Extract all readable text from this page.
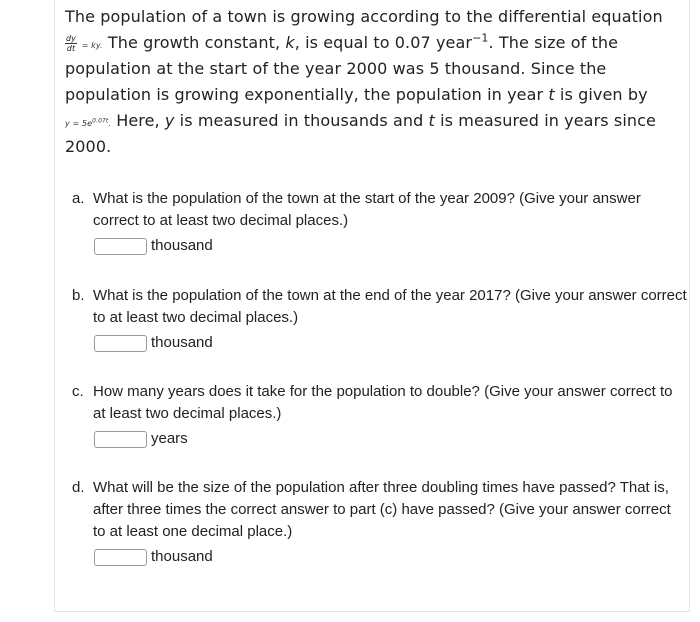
The population of a town is growing according to the differential equation
$\frac{dy}{dt}$ = ky. The growth constant, k, is equal to 0.07 year$^{-1}$. The size of the
population at the start of the year 2000 was 5 thousand. Since the
population is growing exponentially, the population in year t is given by
$y = 5e^{0.07t}$. Here, y is measured in thousands and t is measured in years since
2000.
a. What is the population of the town at the start of the year 2009? (Give your answer correct to at least two decimal places.)
thousand
b. What is the population of the town at the end of the year 2017? (Give your answer correct to at least two decimal places.)
thousand
c. How many years does it take for the population to double? (Give your answer correct to at least two decimal places.)
years
d. What will be the size of the population after three doubling times have passed? That is, after three times the correct answer to part (c) have passed? (Give your answer correct to at least one decimal place.)
thousand
